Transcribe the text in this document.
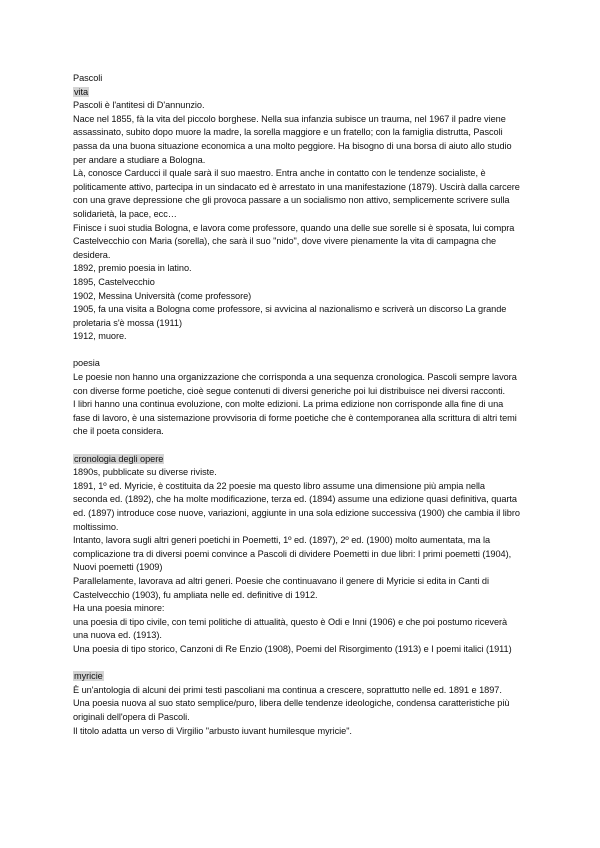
Pascoli
vita
Pascoli è l'antitesi di D'annunzio.
Nace nel 1855, fà la vita del piccolo borghese. Nella sua infanzia subisce un trauma, nel 1967 il padre viene
assassinato, subito dopo muore la madre, la sorella maggiore e un fratello; con la famiglia distrutta, Pascoli
passa da una buona situazione economica a una molto peggiore. Ha bisogno di una borsa di aiuto allo studio
per andare a studiare a Bologna.
Là, conosce Carducci il quale sarà il suo maestro. Entra anche in contatto con le tendenze socialiste, è
politicamente attivo, partecipa in un sindacato ed è arrestato in una manifestazione (1879). Uscirà dalla carcere
con una grave depressione che gli provoca passare a un socialismo non attivo, semplicemente scrivere sulla
solidarietà, la pace, ecc…
Finisce i suoi studia Bologna, e lavora come professore, quando una delle sue sorelle si è sposata, lui compra
Castelvecchio con Maria (sorella), che sarà il suo "nido", dove vivere pienamente la vita di campagna che
desidera.
1892, premio poesia in latino.
1895, Castelvecchio
1902, Messina Università (come professore)
1905, fa una visita a Bologna come professore, si avvicina al nazionalismo e scriverà un discorso La grande
proletaria s'è mossa (1911)
1912, muore.
poesia
Le poesie non hanno una organizzazione che corrisponda a una sequenza cronologica. Pascoli sempre lavora
con diverse forme poetiche, cioè segue contenuti di diversi generiche poi lui distribuisce nei diversi racconti.
I libri hanno una continua evoluzione, con molte edizioni. La prima edizione non corrisponde alla fine di una
fase di lavoro, è una sistemazione provvisoria di forme poetiche che è contemporanea alla scrittura di altri temi
che il poeta considera.
cronologia degli opere
1890s, pubblicate su diverse riviste.
1891, 1º ed. Myricie, è costituita da 22 poesie ma questo libro assume una dimensione più ampia nella
seconda ed. (1892), che ha molte modificazione, terza ed. (1894) assume una edizione quasi definitiva, quarta
ed. (1897) introduce cose nuove, variazioni, aggiunte in una sola edizione successiva (1900) che cambia il libro
moltissimo.
Intanto, lavora sugli altri generi poetichi in Poemetti, 1º ed. (1897), 2º ed. (1900) molto aumentata, ma la
complicazione tra di diversi poemi convince a Pascoli di dividere Poemetti in due libri: I primi poemetti (1904),
Nuovi poemetti (1909)
Parallelamente, lavorava ad altri generi. Poesie che continuavano il genere di Myricie si edita in Canti di
Castelvecchio (1903), fu ampliata nelle ed. definitive di 1912.
Ha una poesia minore:
una poesia di tipo civile, con temi politiche di attualità, questo è Odi e Inni (1906) e che poi postumo riceverà
una nuova ed. (1913).
Una poesia di tipo storico, Canzoni di Re Enzio (1908), Poemi del Risorgimento (1913) e I poemi italici (1911)
myricie
È un'antologia di alcuni dei primi testi pascoliani ma continua a crescere, soprattutto nelle ed. 1891 e 1897.
Una poesia nuova al suo stato semplice/puro, libera delle tendenze ideologiche, condensa caratteristiche più
originali dell'opera di Pascoli.
Il titolo adatta un verso di Virgilio "arbusto iuvant humilesque myricie".
